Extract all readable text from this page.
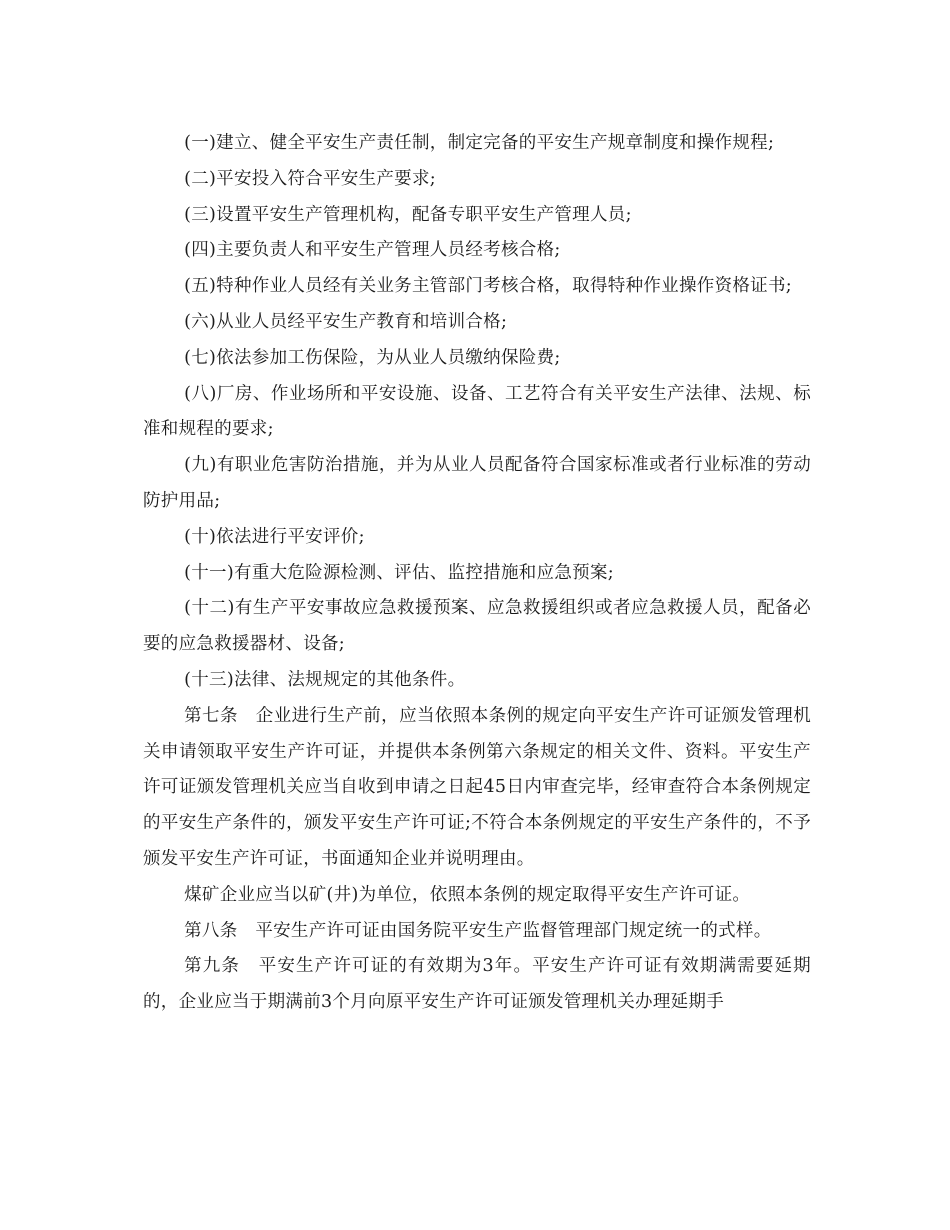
(一)建立、健全平安生产责任制，制定完备的平安生产规章制度和操作规程;

(二)平安投入符合平安生产要求;

(三)设置平安生产管理机构，配备专职平安生产管理人员;

(四)主要负责人和平安生产管理人员经考核合格;

(五)特种作业人员经有关业务主管部门考核合格，取得特种作业操作资格证书;

(六)从业人员经平安生产教育和培训合格;

(七)依法参加工伤保险，为从业人员缴纳保险费;

(八)厂房、作业场所和平安设施、设备、工艺符合有关平安生产法律、法规、标准和规程的要求;

(九)有职业危害防治措施，并为从业人员配备符合国家标准或者行业标准的劳动防护用品;

(十)依法进行平安评价;

(十一)有重大危险源检测、评估、监控措施和应急预案;

(十二)有生产平安事故应急救援预案、应急救援组织或者应急救援人员，配备必要的应急救援器材、设备;

(十三)法律、法规规定的其他条件。

第七条　企业进行生产前，应当依照本条例的规定向平安生产许可证颁发管理机关申请领取平安生产许可证，并提供本条例第六条规定的相关文件、资料。平安生产许可证颁发管理机关应当自收到申请之日起45日内审查完毕，经审查符合本条例规定的平安生产条件的，颁发平安生产许可证;不符合本条例规定的平安生产条件的，不予颁发平安生产许可证，书面通知企业并说明理由。

煤矿企业应当以矿(井)为单位，依照本条例的规定取得平安生产许可证。

第八条　平安生产许可证由国务院平安生产监督管理部门规定统一的式样。

第九条　平安生产许可证的有效期为3年。平安生产许可证有效期满需要延期的，企业应当于期满前3个月向原平安生产许可证颁发管理机关办理延期手
